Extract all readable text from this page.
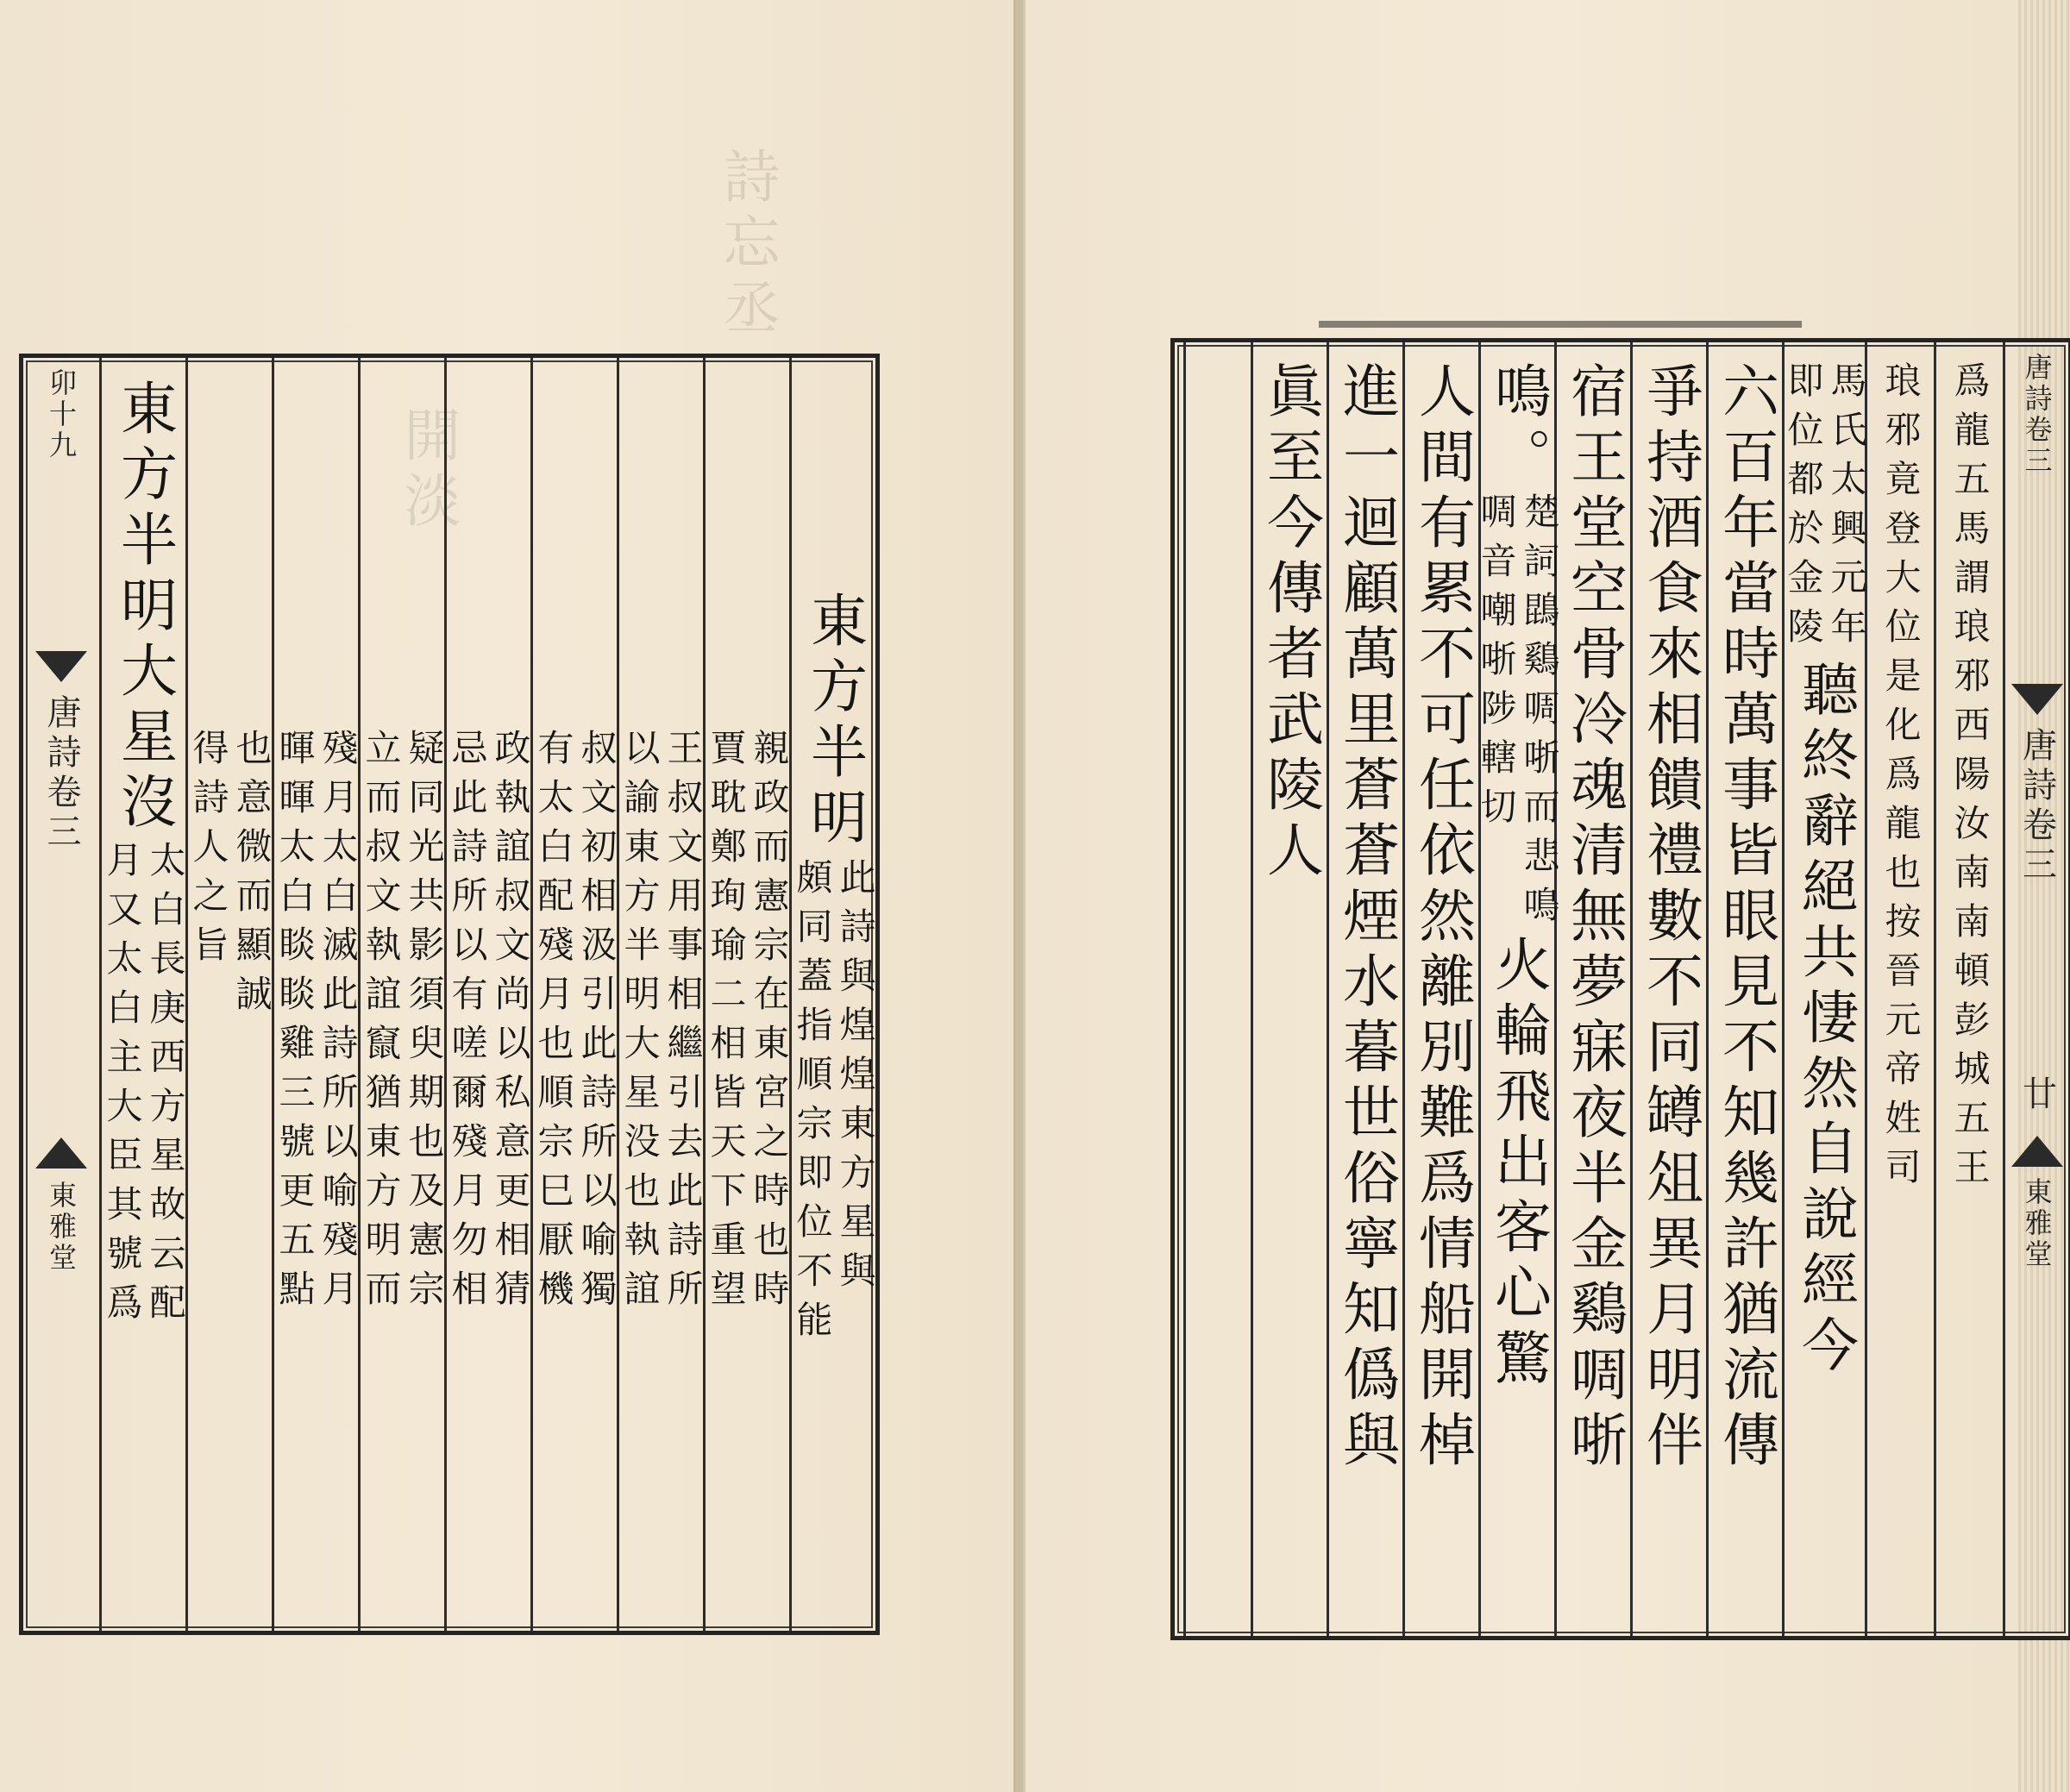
詩忘丞
開淡
東方半明
此詩與煌煌東方星與
頗同蓋指順宗即位不能
親政而憲宗在東宮之時也時
賈耽鄭珣瑜二相皆天下重望
王叔文用事相繼引去此詩所
以諭東方半明大星没也執誼
叔文初相汲引此詩所以喻獨
有太白配殘月也順宗巳厭機
政執誼叔文尚以私意更相猜
忌此詩所以有嗟爾殘月勿相
疑同光共影須臾期也及憲宗
立而叔文執誼竄猶東方明而
殘月太白滅此詩所以喻殘月
暉暉太白睒睒雞三號更五點
也意微而顯誠
得詩人之旨
東方半明大星沒
太白長庚西方星故云配
月又太白主大臣其號爲
卯十九
唐詩卷三
東雅堂
唐詩卷三
唐詩卷三
廿
東雅堂
爲龍五馬謂琅邪西陽汝南南頓彭城五王
琅邪竟登大位是化爲龍也按晉元帝姓司
馬氏太興元年
即位都於金陵
聽終辭絕共悽然自說經今
六百年當時萬事皆眼見不知幾許猶流傳
爭持酒食來相饋禮數不同罇俎異月明伴
宿王堂空骨冷魂清無夢寐夜半金鷄啁哳
鳴。
楚詞鵾鷄啁哳而悲鳴
啁音嘲哳陟轄切
火輪飛出客心驚
人間有累不可任依然離別難爲情船開棹
進一迴顧萬里蒼蒼煙水暮世俗寧知僞與
眞至今傳者武陵人
